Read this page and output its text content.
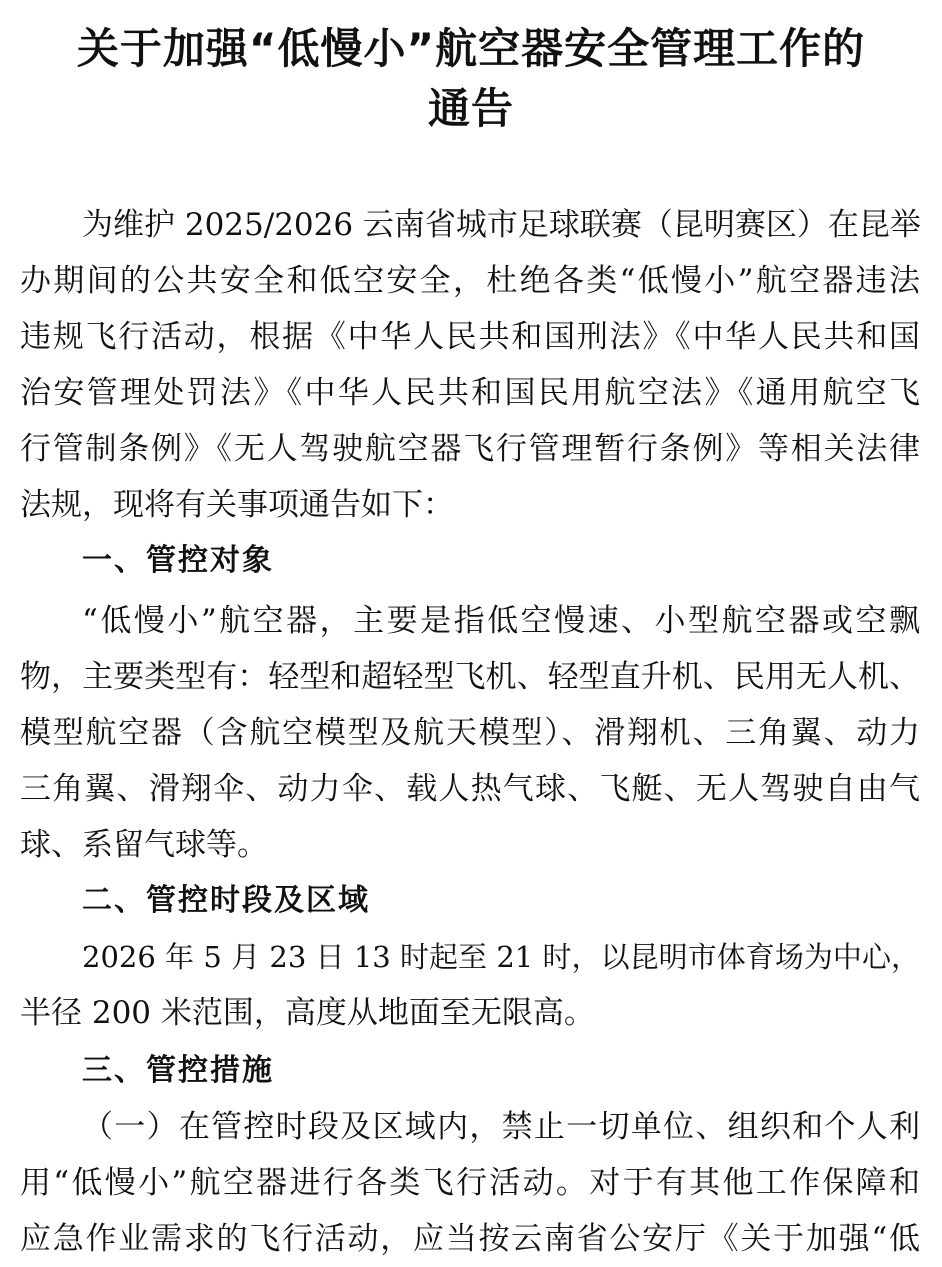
关于加强“低慢小”航空器安全管理工作的
通告
为维护 2025/2026 云南省城市足球联赛（昆明赛区）在昆举
办期间的公共安全和低空安全，杜绝各类“低慢小”航空器违法
违规飞行活动，根据《中华人民共和国刑法》《中华人民共和国
治安管理处罚法》《中华人民共和国民用航空法》《通用航空飞
行管制条例》《无人驾驶航空器飞行管理暂行条例》等相关法律
法规，现将有关事项通告如下：
一、管控对象
“低慢小”航空器，主要是指低空慢速、小型航空器或空飘
物，主要类型有：轻型和超轻型飞机、轻型直升机、民用无人机、
模型航空器（含航空模型及航天模型）、滑翔机、三角翼、动力
三角翼、滑翔伞、动力伞、载人热气球、飞艇、无人驾驶自由气
球、系留气球等。
二、管控时段及区域
2026 年 5 月 23 日 13 时起至 21 时，以昆明市体育场为中心，
半径 200 米范围，高度从地面至无限高。
三、管控措施
（一）在管控时段及区域内，禁止一切单位、组织和个人利
用“低慢小”航空器进行各类飞行活动。对于有其他工作保障和
应急作业需求的飞行活动，应当按云南省公安厅《关于加强“低
